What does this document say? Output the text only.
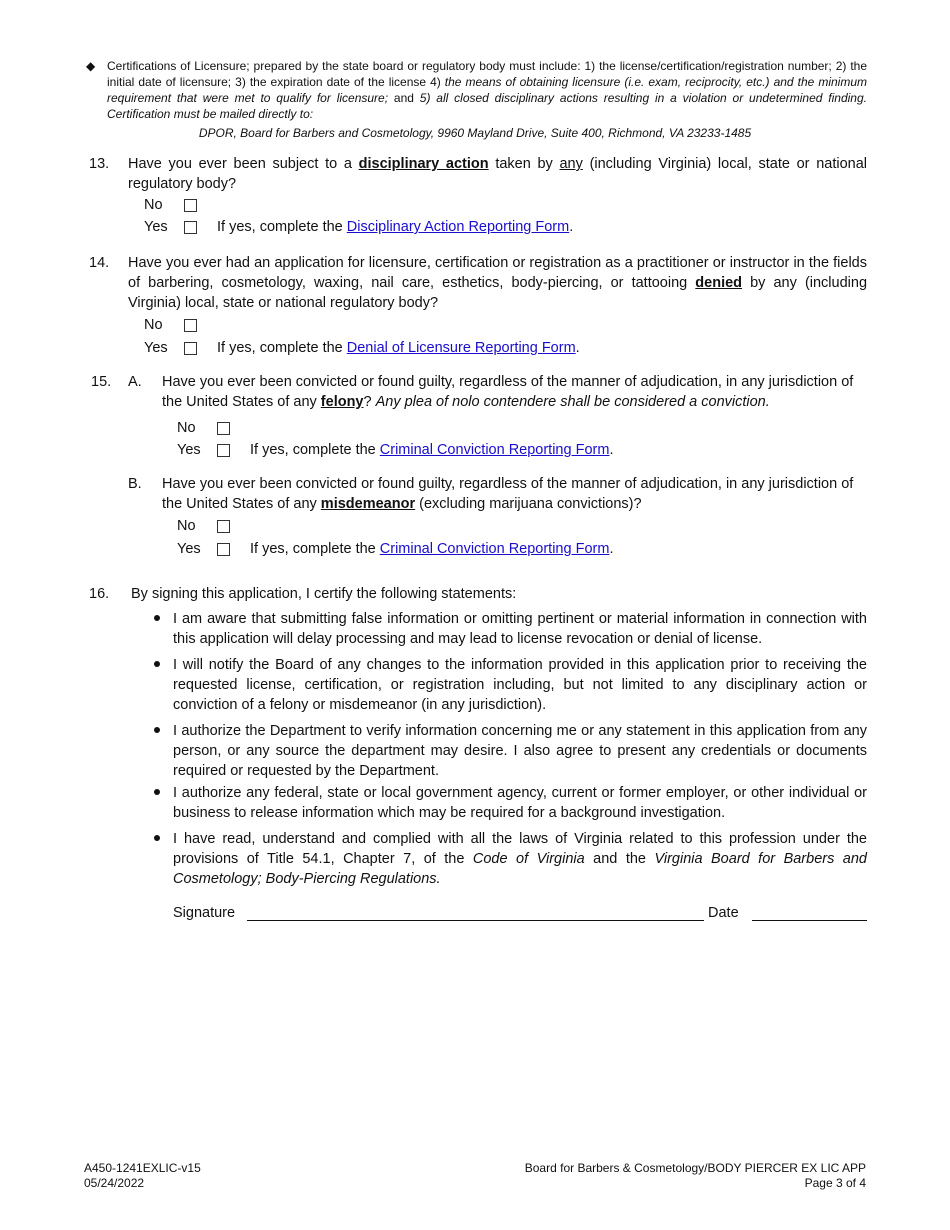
◆ Certifications of Licensure; prepared by the state board or regulatory body must include: 1) the license/certification/registration number; 2) the initial date of licensure; 3) the expiration date of the license 4) the means of obtaining licensure (i.e. exam, reciprocity, etc.) and the minimum requirement that were met to qualify for licensure; and 5) all closed disciplinary actions resulting in a violation or undetermined finding. Certification must be mailed directly to:
DPOR, Board for Barbers and Cosmetology, 9960 Mayland Drive, Suite 400, Richmond, VA 23233-1485
13. Have you ever been subject to a disciplinary action taken by any (including Virginia) local, state or national regulatory body?
No
Yes	If yes, complete the
Disciplinary Action Reporting Form .
14. Have you ever had an application for licensure, certification or registration as a practitioner or instructor in the fields of barbering, cosmetology, waxing, nail care, esthetics, body-piercing, or tattooing denied by any (including Virginia) local, state or national regulatory body?
No
Yes	If yes, complete the
Denial of Licensure Reporting Form .
15. A. Have you ever been convicted or found guilty, regardless of the manner of adjudication, in any jurisdiction of the United States of any felony? Any plea of nolo contendere shall be considered a conviction.
No
Yes	If yes, complete the
Criminal Conviction Reporting Form .
B. Have you ever been convicted or found guilty, regardless of the manner of adjudication, in any jurisdiction of the United States of any misdemeanor (excluding marijuana convictions)?
No
Yes	If yes, complete the
Criminal Conviction Reporting Form .
16. By signing this application, I certify the following statements:
I am aware that submitting false information or omitting pertinent or material information in connection with this application will delay processing and may lead to license revocation or denial of license.
I will notify the Board of any changes to the information provided in this application prior to receiving the requested license, certification, or registration including, but not limited to any disciplinary action or conviction of a felony or misdemeanor (in any jurisdiction).
I authorize the Department to verify information concerning me or any statement in this application from any person, or any source the department may desire. I also agree to present any credentials or documents required or requested by the Department.
I authorize any federal, state or local government agency, current or former employer, or other individual or business to release information which may be required for a background investigation.
I have read, understand and complied with all the laws of Virginia related to this profession under the provisions of Title 54.1, Chapter 7, of the Code of Virginia and the Virginia Board for Barbers and Cosmetology; Body-Piercing Regulations.
Signature	Date
A450-1241EXLIC-v15
05/24/2022
Board for Barbers & Cosmetology/BODY PIERCER EX LIC APP
Page 3 of 4
